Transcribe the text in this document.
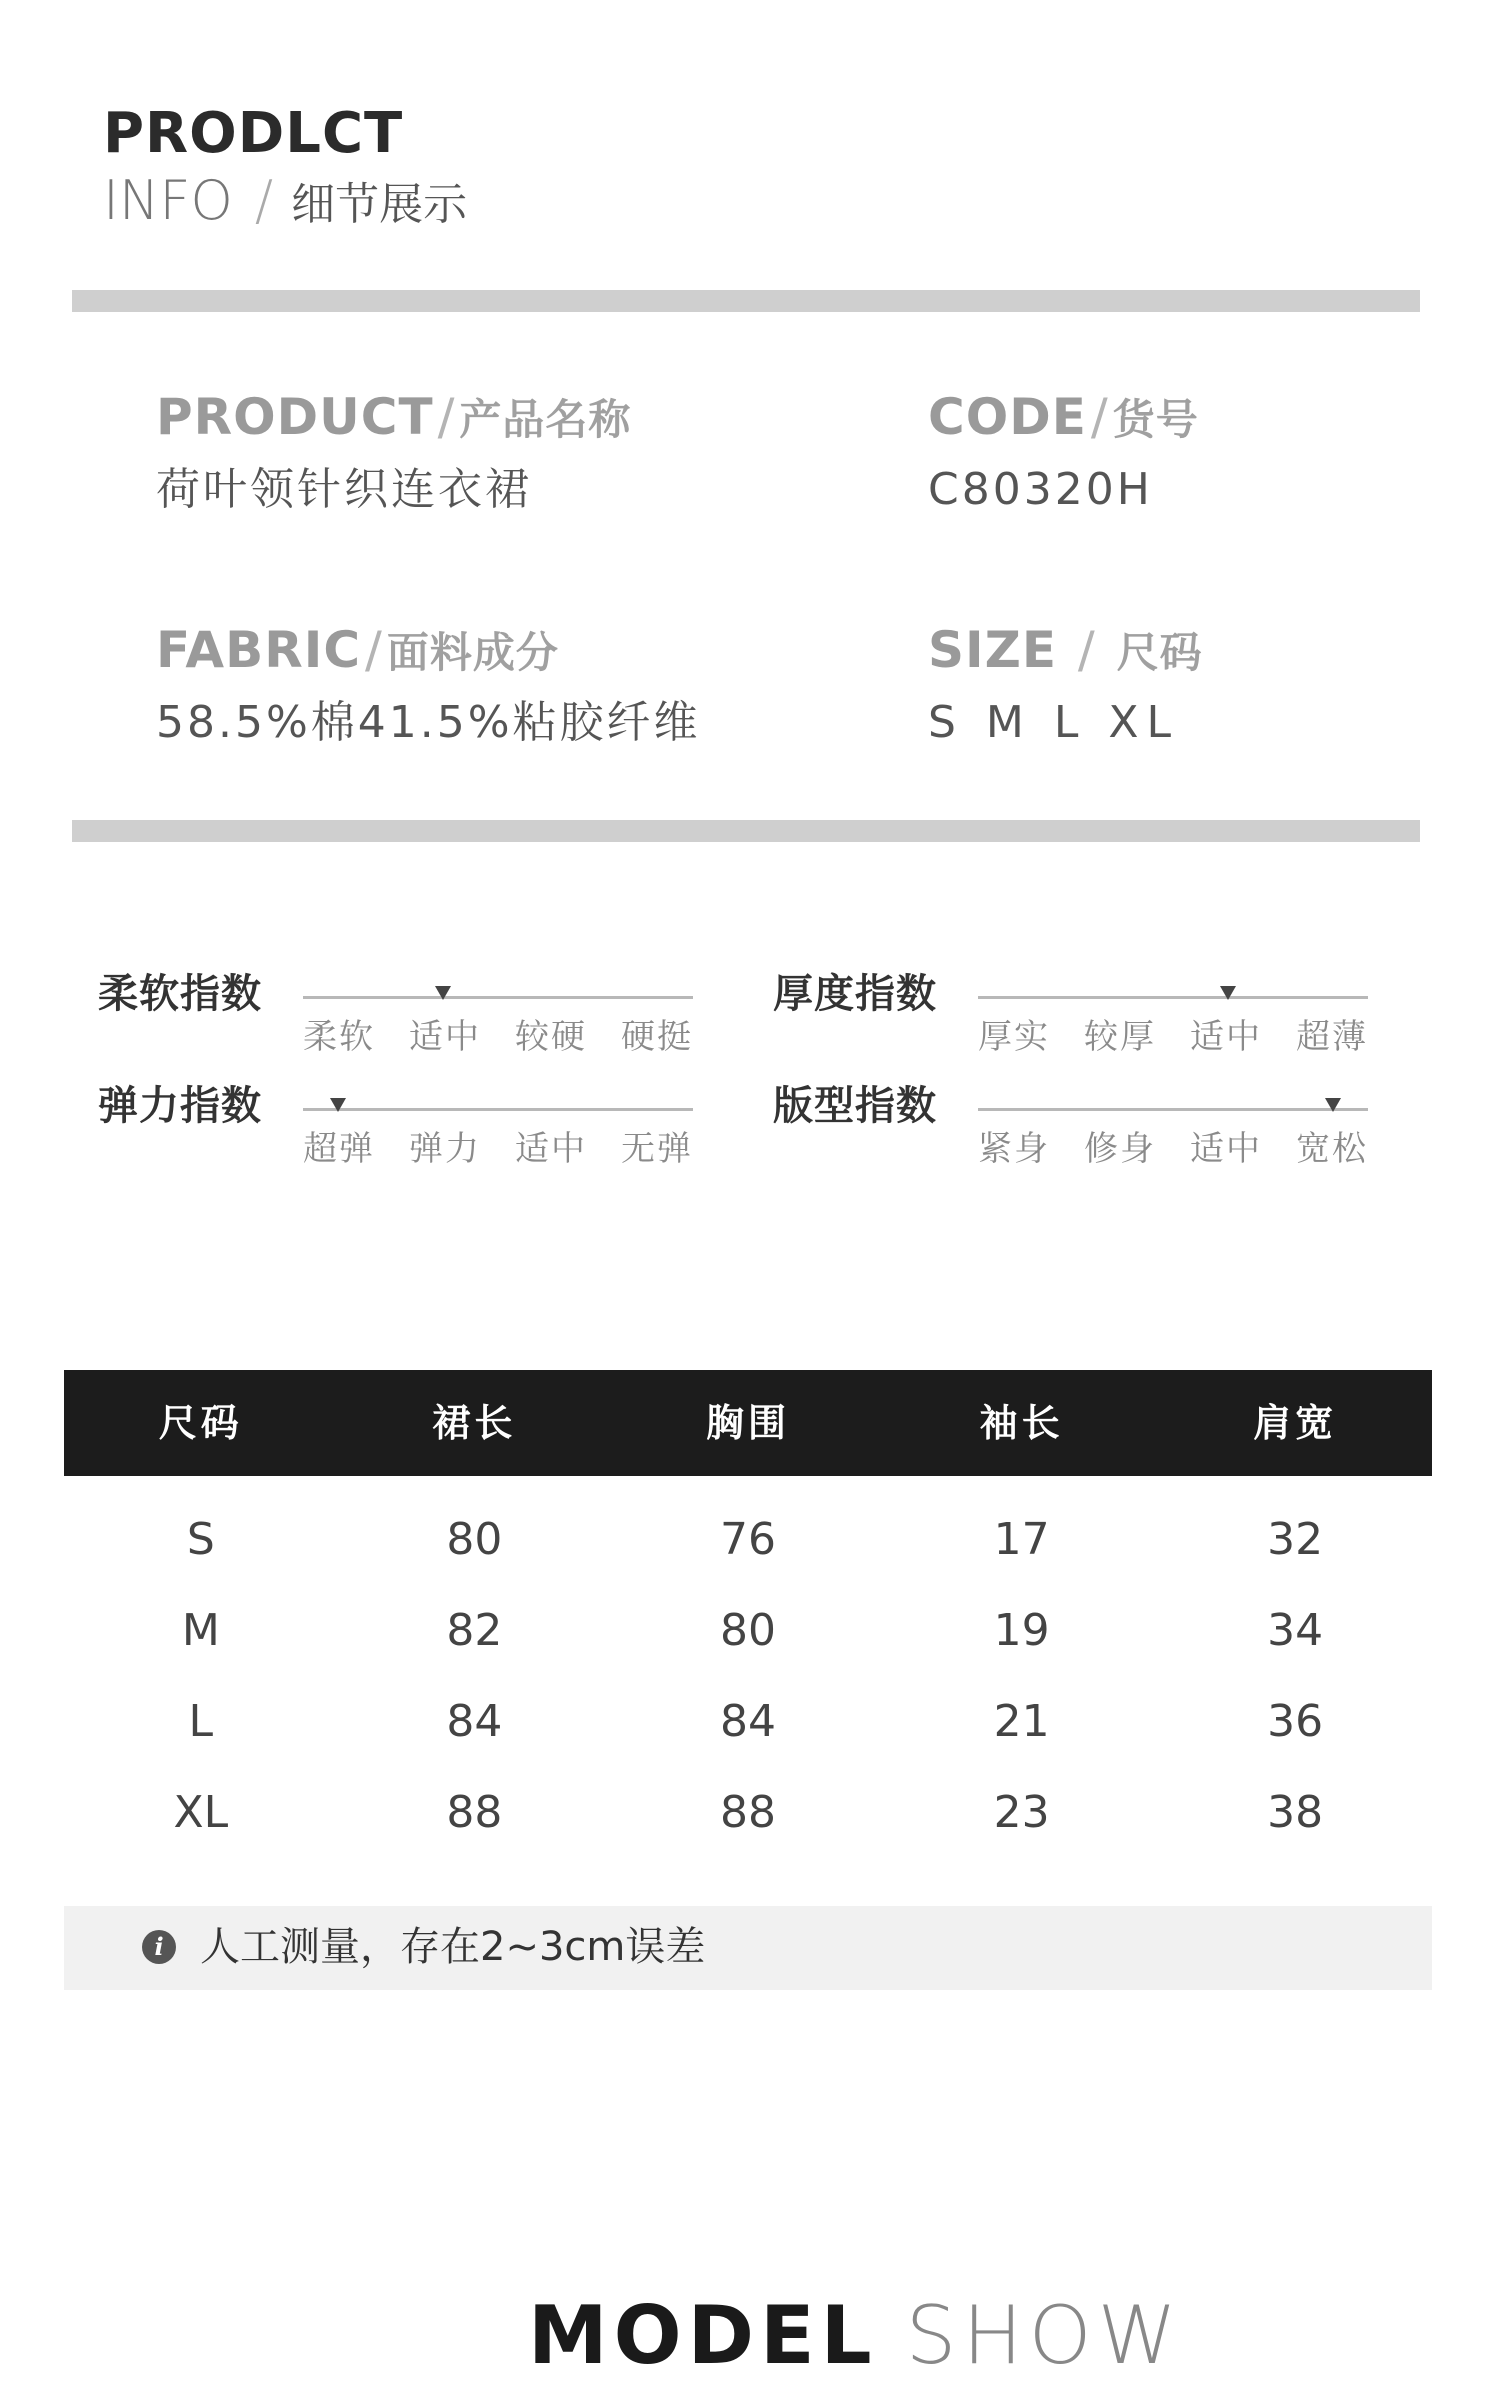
PRODLCT
INFO / 细节展示
PRODUCT/产品名称
荷叶领针织连衣裙
CODE/货号
C80320H
FABRIC/面料成分
58.5%棉41.5%粘胶纤维
SIZE / 尺码
S M L XL
柔软指数
柔软 适中 较硬 硬挺
厚度指数
厚实 较厚 适中 超薄
弹力指数
超弹 弹力 适中 无弹
版型指数
紧身 修身 适中 宽松
尺码	裙长	胸围	袖长	肩宽
S	80	76	17	32
M	82	80	19	34
L	84	84	21	36
XL	88	88	23	38
i 人工测量，存在2~3cm误差
MODEL SHOW
